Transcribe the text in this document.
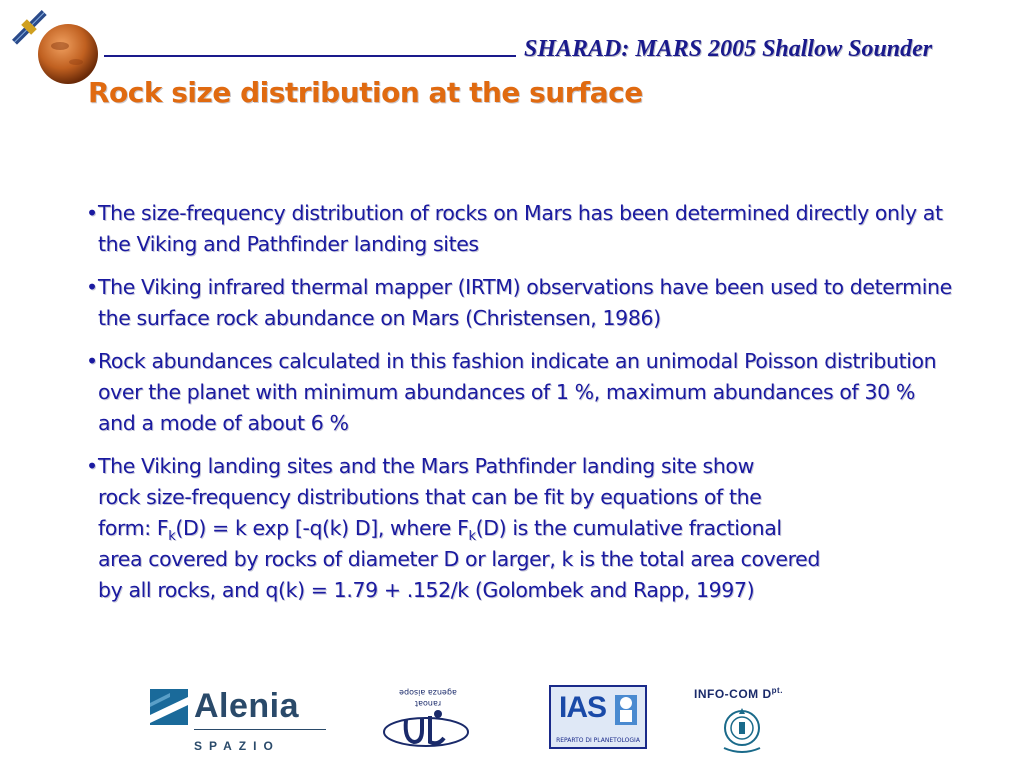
SHARAD: MARS 2005 Shallow Sounder
Rock size distribution at the surface
• The size-frequency distribution of rocks on Mars has been determined directly only at the Viking and Pathfinder landing sites
• The Viking infrared thermal mapper (IRTM) observations have been used to determine the surface rock abundance on Mars (Christensen, 1986)
• Rock abundances calculated in this fashion indicate an unimodal Poisson distribution over the planet with minimum abundances of 1 %, maximum abundances of 30 % and a mode of about 6 %
• The Viking landing sites and the Mars Pathfinder landing site show
rock size-frequency distributions that can be fit by equations of the
form: $F_k(D) = k$ exp [-q(k) D], where $F_k(D)$ is the cumulative fractional
area covered by rocks of diameter D or larger, k is the total area covered
by all rocks, and q(k) = 1.79 + .152/k (Golombek and Rapp, 1997)
Alenia
SPAZIO
agenza aisope
ranoat	IAS
REPARTO DI PLANETOLOGIA
INFO-COM $D^{pt.}$
